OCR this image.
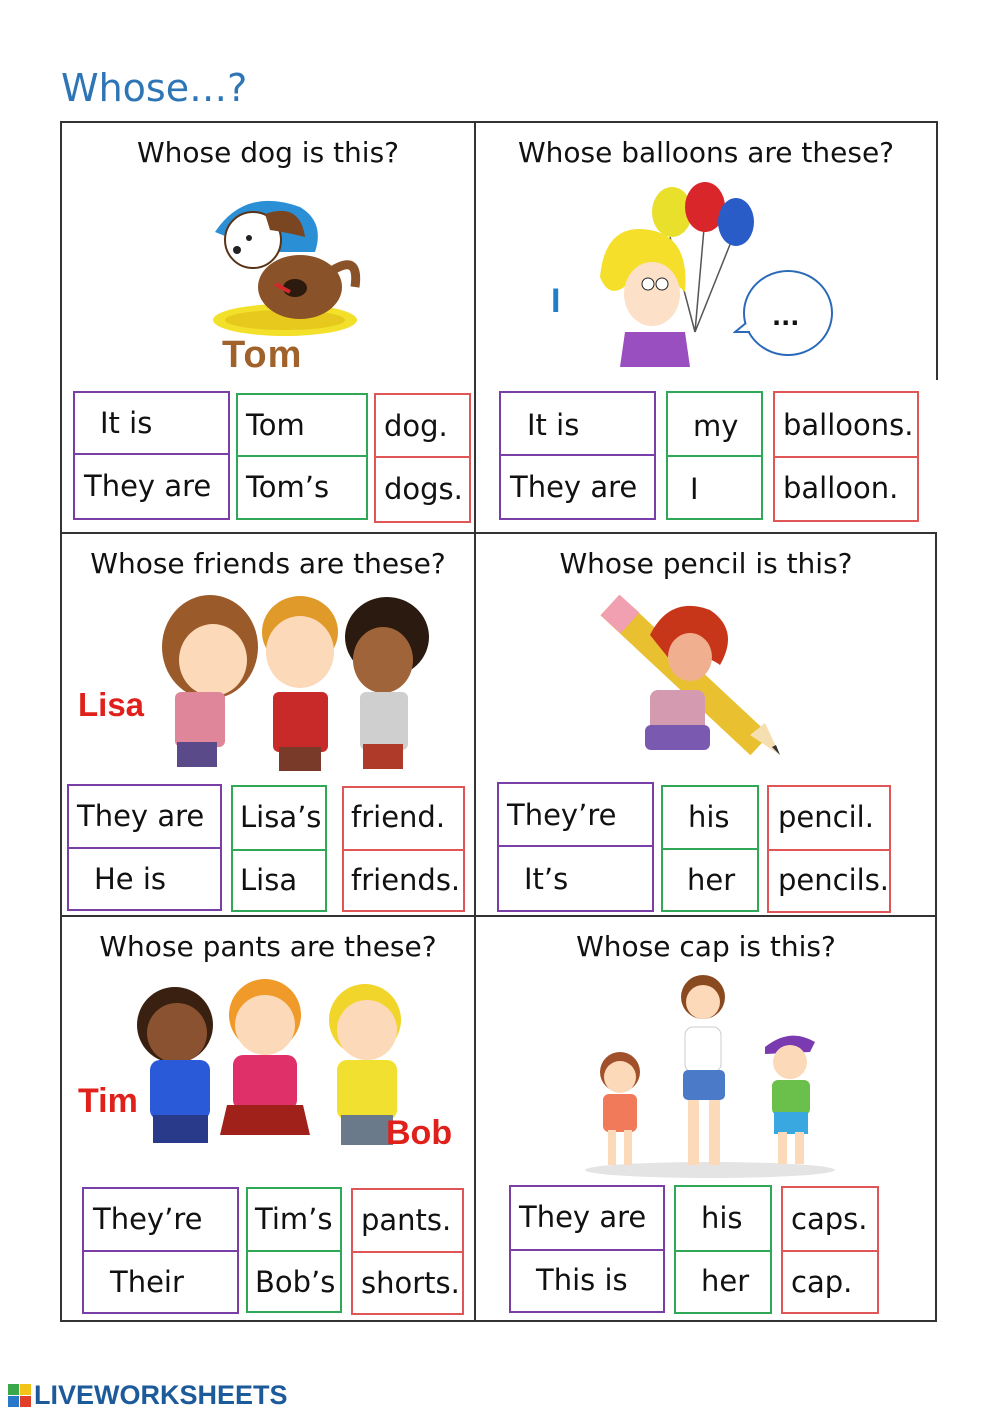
Whose…?
Whose dog is this?
Tom
It is
They are
Tom
Tom’s
dog.
dogs.
Whose balloons are these?
I	...
It is
They are
my
I
balloons.
balloon.
Whose friends are these?
Lisa
They are
He is
Lisa’s
Lisa
friend.
friends.
Whose pencil is this?
They’re
It’s
his
her
pencil.
pencils.
Whose pants are these?
Tim
Bob
They’re
Their
Tim’s
Bob’s
pants.
shorts.
Whose cap is this?
They are
This is
his
her
caps.
cap.
LIVEWORKSHEETS
